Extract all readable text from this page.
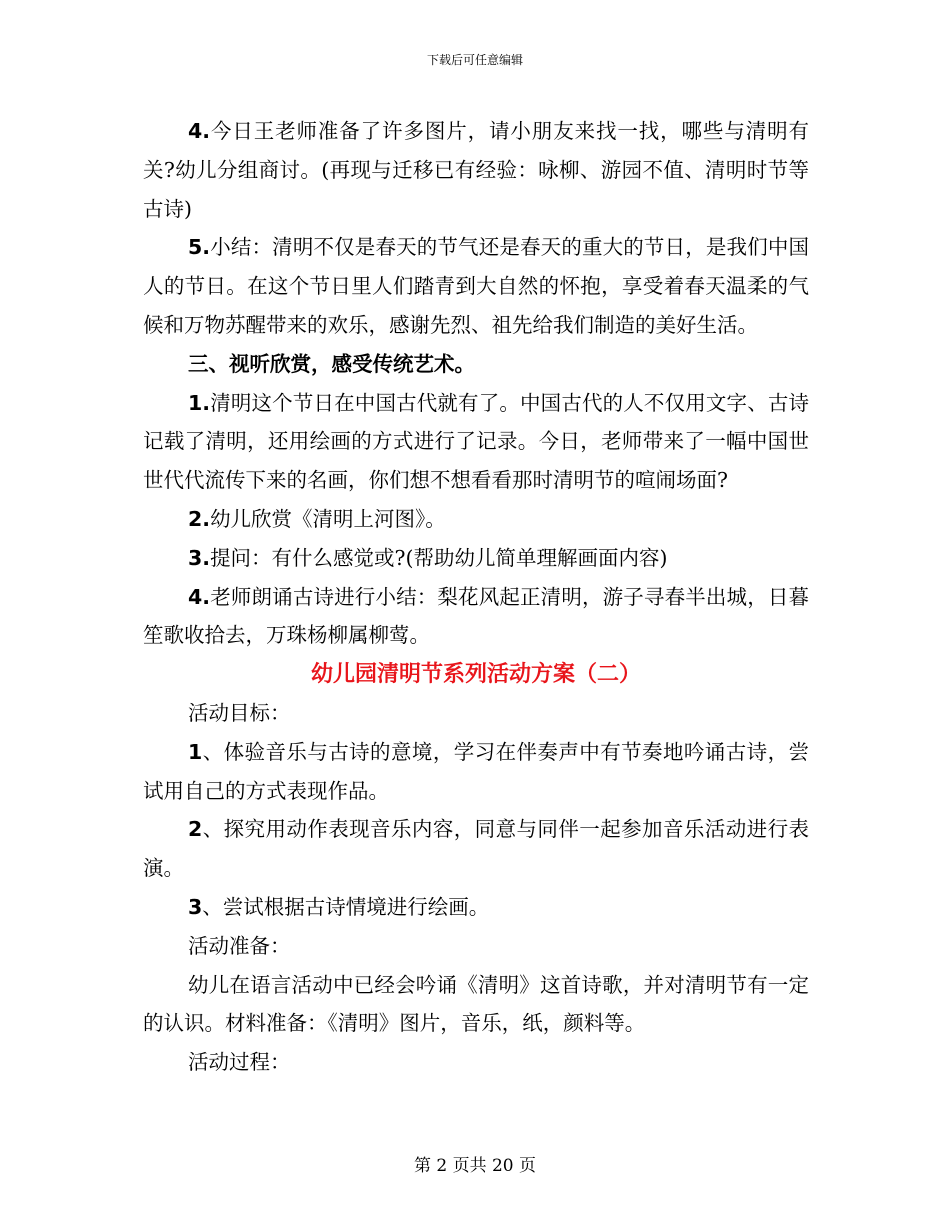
下载后可任意编辑

4.今日王老师准备了许多图片，请小朋友来找一找，哪些与清明有关?幼儿分组商讨。(再现与迁移已有经验：咏柳、游园不值、清明时节等古诗)

5.小结：清明不仅是春天的节气还是春天的重大的节日，是我们中国人的节日。在这个节日里人们踏青到大自然的怀抱，享受着春天温柔的气候和万物苏醒带来的欢乐，感谢先烈、祖先给我们制造的美好生活。

三、视听欣赏，感受传统艺术。

1.清明这个节日在中国古代就有了。中国古代的人不仅用文字、古诗记载了清明，还用绘画的方式进行了记录。今日，老师带来了一幅中国世世代代流传下来的名画，你们想不想看看那时清明节的喧闹场面?

2.幼儿欣赏《清明上河图》。

3.提问：有什么感觉或?(帮助幼儿简单理解画面内容)

4.老师朗诵古诗进行小结：梨花风起正清明，游子寻春半出城，日暮笙歌收拾去，万珠杨柳属柳莺。

幼儿园清明节系列活动方案（二）

活动目标：

1、体验音乐与古诗的意境，学习在伴奏声中有节奏地吟诵古诗，尝试用自己的方式表现作品。

2、探究用动作表现音乐内容，同意与同伴一起参加音乐活动进行表演。

3、尝试根据古诗情境进行绘画。

活动准备：

幼儿在语言活动中已经会吟诵《清明》这首诗歌，并对清明节有一定的认识。材料准备：《清明》图片，音乐，纸，颜料等。

活动过程：

第 2 页共 20 页
